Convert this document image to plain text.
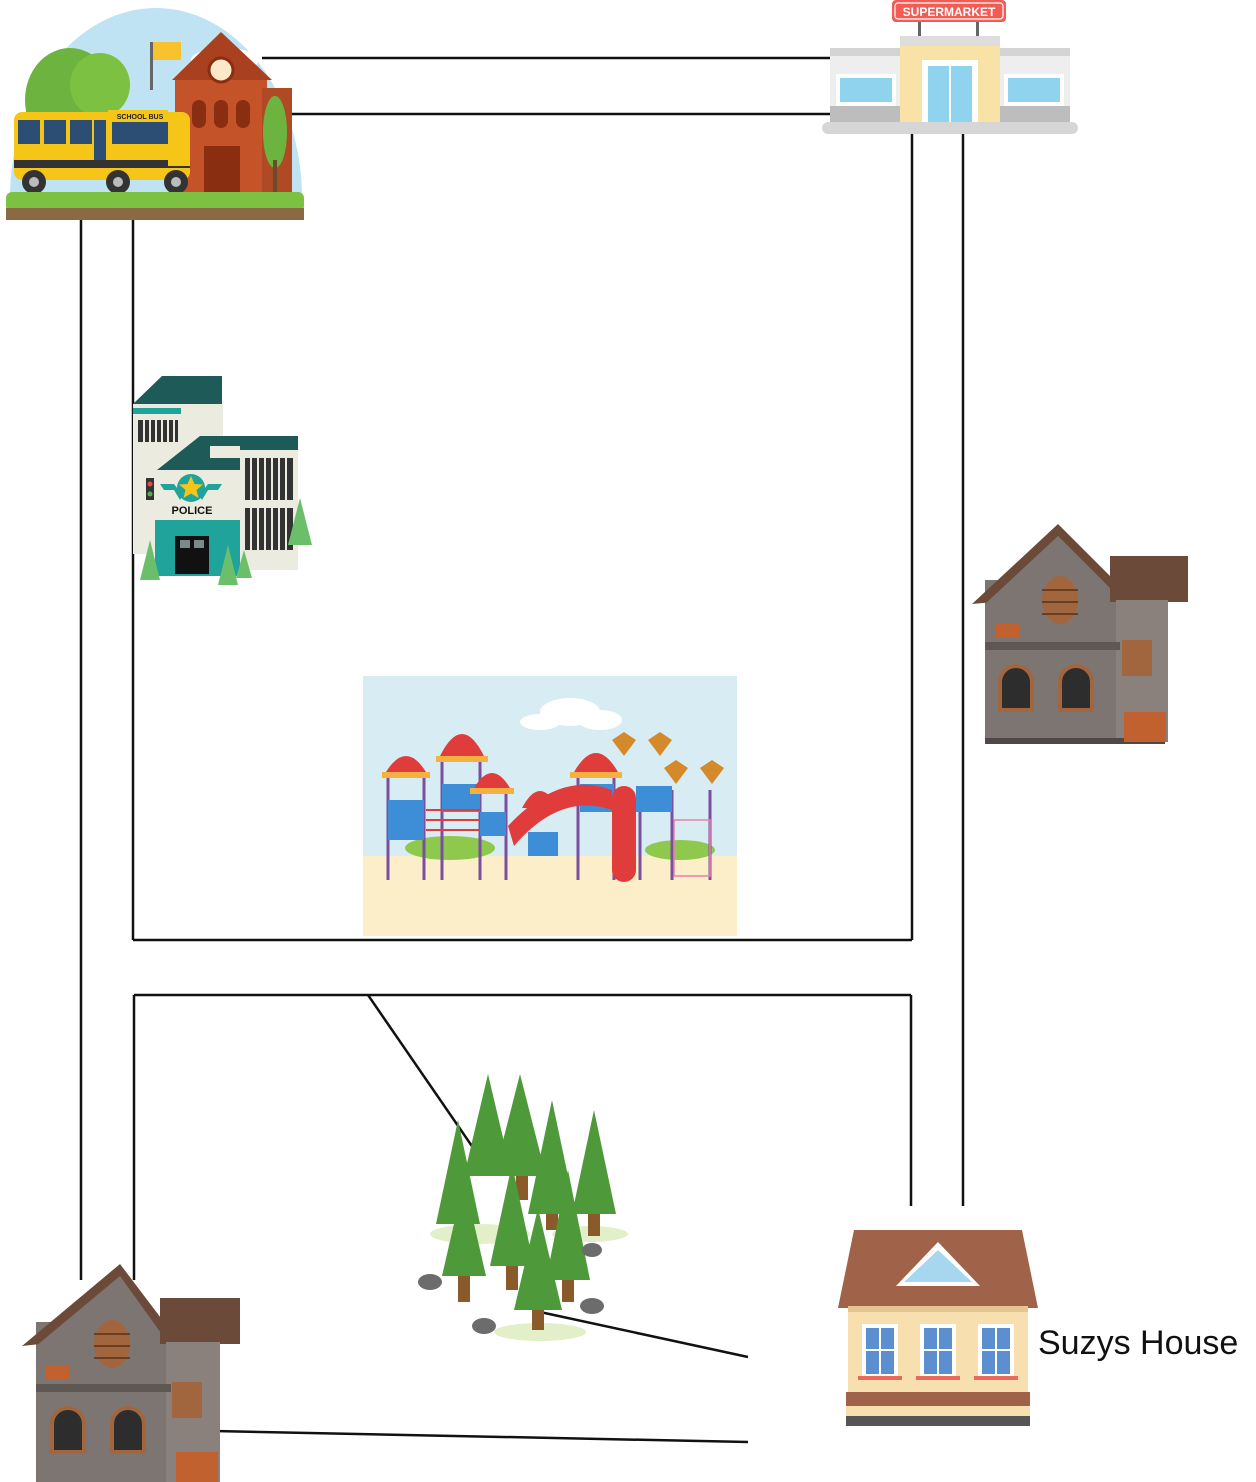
SCHOOL BUS
SUPERMARKET
POLICE
Suzys House
